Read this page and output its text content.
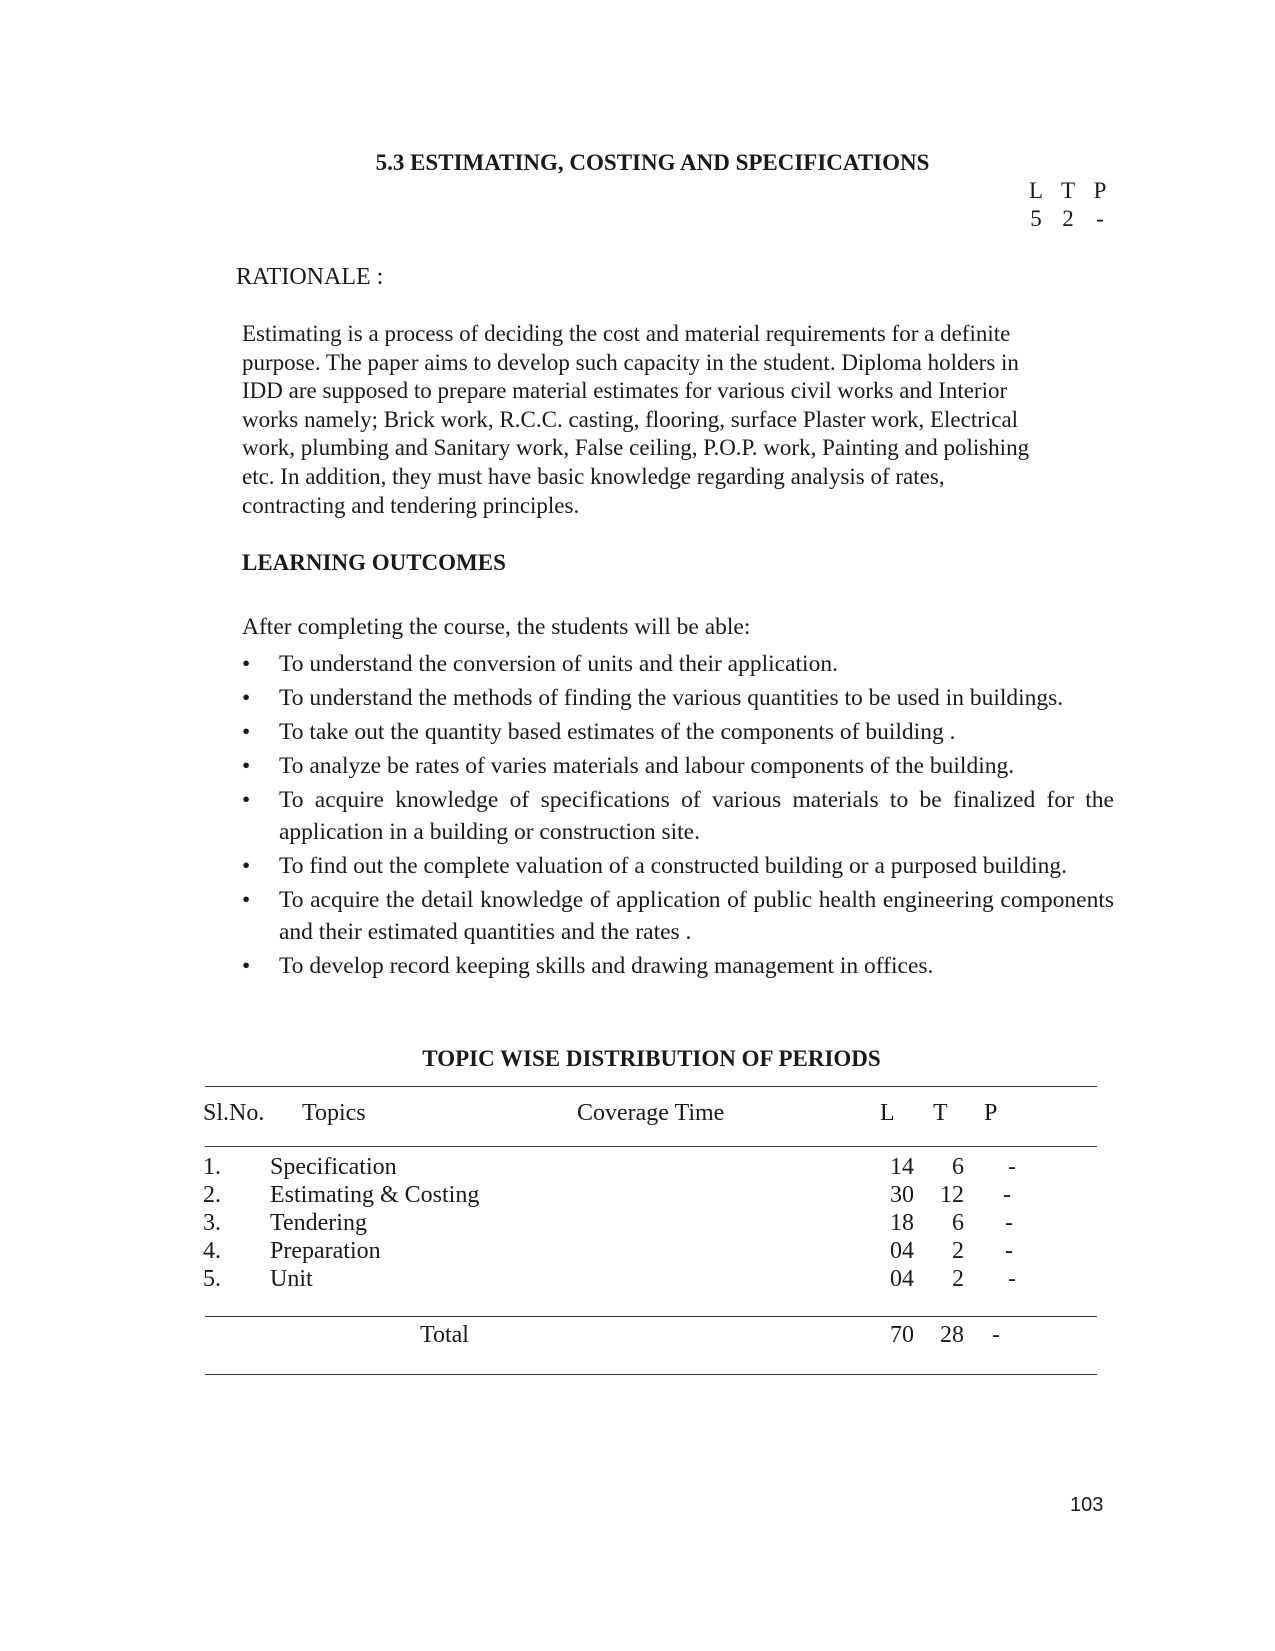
5.3 ESTIMATING, COSTING AND SPECIFICATIONS
L T P
5 2 -
RATIONALE :
Estimating is a process of deciding the cost and material requirements for a definite
purpose. The paper aims to develop such capacity in the student. Diploma holders in
IDD are supposed to prepare material estimates for various civil works and Interior
works namely; Brick work, R.C.C. casting, flooring, surface Plaster work, Electrical
work, plumbing and Sanitary work, False ceiling, P.O.P. work, Painting and polishing
etc. In addition, they must have basic knowledge regarding analysis of rates,
contracting and tendering principles.
LEARNING OUTCOMES
After completing the course, the students will be able:
• To understand the conversion of units and their application.
• To understand the methods of finding the various quantities to be used in buildings.
• To take out the quantity based estimates of the components of building .
• To analyze be rates of varies materials and labour components of the building.
• To acquire knowledge of specifications of various materials to be finalized for the application in a building or construction site.
• To find out the complete valuation of a constructed building or a purposed building.
• To acquire the detail knowledge of application of public health engineering components and their estimated quantities and the rates .
• To develop record keeping skills and drawing management in offices.
TOPIC WISE DISTRIBUTION OF PERIODS
Sl.No. Topics	Coverage Time	L T P
1. Specification	14	6 -
2. Estimating & Costing	30	12 -
3. Tendering	18	6 -
4. Preparation	04	2 -
5. Unit	04	2 -
Total	70	28 -
103
